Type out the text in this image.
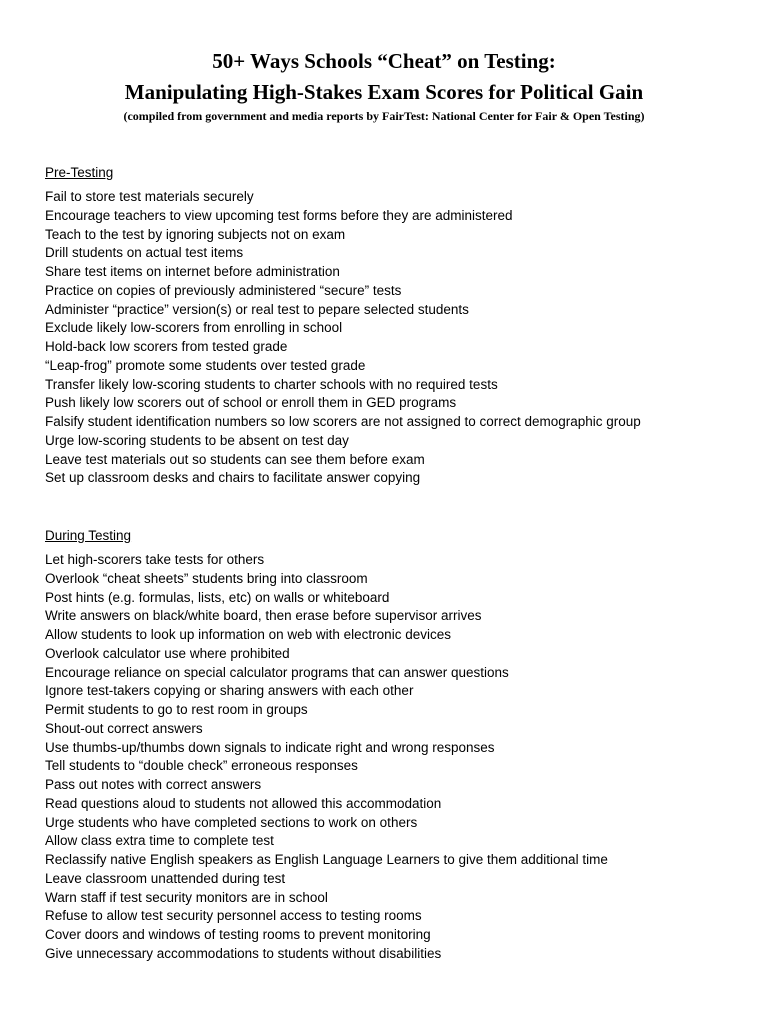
50+ Ways Schools “Cheat” on Testing:
Manipulating High-Stakes Exam Scores for Political Gain

(compiled from government and media reports by FairTest: National Center for Fair & Open Testing)

Pre-Testing
Fail to store test materials securely
Encourage teachers to view upcoming test forms before they are administered
Teach to the test by ignoring subjects not on exam
Drill students on actual test items
Share test items on internet before administration
Practice on copies of previously administered “secure” tests
Administer “practice” version(s) or real test to pepare selected students
Exclude likely low-scorers from enrolling in school
Hold-back low scorers from tested grade
“Leap-frog” promote some students over tested grade
Transfer likely low-scoring students to charter schools with no required tests
Push likely low scorers out of school or enroll them in GED programs
Falsify student identification numbers so low scorers are not assigned to correct demographic group
Urge low-scoring students to be absent on test day
Leave test materials out so students can see them before exam
Set up classroom desks and chairs to facilitate answer copying
During Testing
Let high-scorers take tests for others
Overlook “cheat sheets” students bring into classroom
Post hints (e.g. formulas, lists, etc) on walls or whiteboard
Write answers on black/white board, then erase before supervisor arrives
Allow students to look up information on web with electronic devices
Overlook calculator use where prohibited
Encourage reliance on special calculator programs that can answer questions
Ignore test-takers copying or sharing answers with each other
Permit students to go to rest room in groups
Shout-out correct answers
Use thumbs-up/thumbs down signals to indicate right and wrong responses
Tell students to “double check” erroneous responses
Pass out notes with correct answers
Read questions aloud to students not allowed this accommodation
Urge students who have completed sections to work on others
Allow class extra time to complete test
Reclassify native English speakers as English Language Learners to give them additional time
Leave classroom unattended during test
Warn staff if test security monitors are in school
Refuse to allow test security personnel access to testing rooms
Cover doors and windows of testing rooms to prevent monitoring
Give unnecessary accommodations to students without disabilities
